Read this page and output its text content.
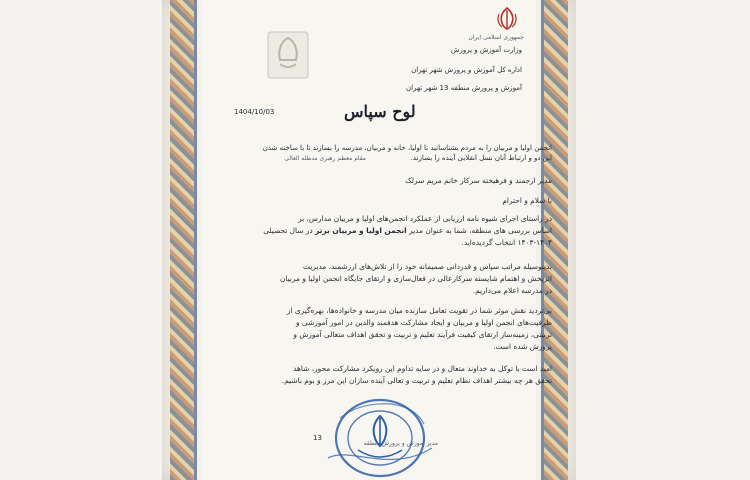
جمهوری اسلامی ایران
وزارت آموزش و پرورش
اداره کل آموزش و پرورش شهر تهران
آموزش و پرورش منطقه 13 شهر تهران
1404/10/03	لوح سپاس
انجمن اولیا و مربیان را به مردم بشناسانید تا اولیا، خانه و مربیان، مدرسه را بسازند تا با ساخته شدن
این دو و ارتباط آنان نسل انقلابی آینده را بسازند.
مقام معظم رهبری مدظله العالی
مدیر ارجمند و فرهیخته سرکار خانم مریم سرلک
با سلام و احترام
در راستای اجرای شیوه نامه ارزیابی از عملکرد انجمن‌های اولیا و مربیان مدارس، بر
اساس بررسی های منطقه، شما به عنوان مدیر انجمن اولیا و مربیان برتر در سال تحصیلی
۱۴۰۳-۱۴۰۴ انتخاب گردیده‌اید.
بدینوسیله مراتب سپاس و قدردانی صمیمانه خود را از تلاش‌های ارزشمند، مدیریت
اثربخش و اهتمام شایسته سرکارعالی در فعال‌سازی و ارتقای جایگاه انجمن اولیا و مربیان
در مدرسه اعلام می‌داریم.
بی‌تردید نقش موثر شما در تقویت تعامل سازنده میان مدرسه و خانواده‌ها، بهره‌گیری از
ظرفیت‌های انجمن اولیا و مربیان و ایجاد مشارکت هدفمند والدین در امور آموزشی و
تربیتی، زمینه‌ساز ارتقای کیفیت فرآیند تعلیم و تربیت و تحقق اهداف متعالی آموزش و
پرورش شده است.
امید است با توکل به خداوند متعال و در سایه تداوم این رویکرد مشارکت محور، شاهد
تحقق هر چه بیشتر اهداف نظام تعلیم و تربیت و تعالی آینده سازان این مرز و بوم باشیم.
13
مدیر آموزش و پرورش منطقه
